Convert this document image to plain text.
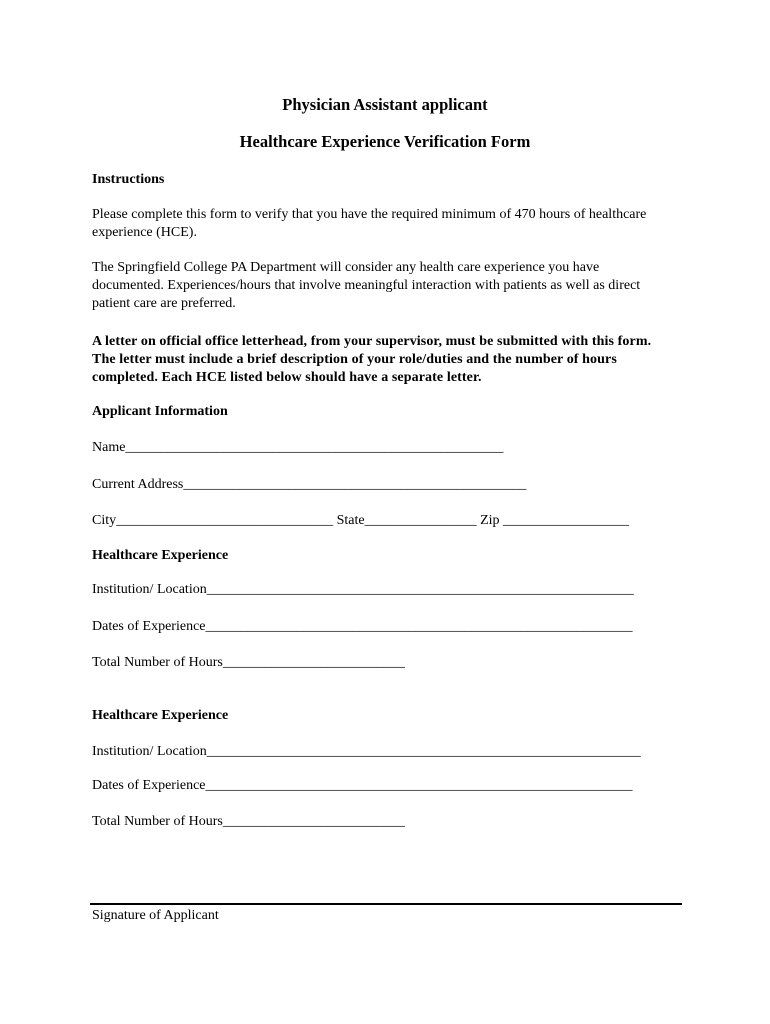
Physician Assistant applicant
Healthcare Experience Verification Form
Instructions
Please complete this form to verify that you have the required minimum of 470 hours of healthcare experience (HCE).
The Springfield College PA Department will consider any health care experience you have documented. Experiences/hours that involve meaningful interaction with patients as well as direct patient care are preferred.
A letter on official office letterhead, from your supervisor, must be submitted with this form. The letter must include a brief description of your role/duties and the number of hours completed. Each HCE listed below should have a separate letter.
Applicant Information
Name______________________________________________________
Current Address_________________________________________________
City_______________________________ State________________ Zip __________________
Healthcare Experience
Institution/ Location_____________________________________________________________
Dates of Experience_____________________________________________________________
Total Number of Hours__________________________
Healthcare Experience
Institution/ Location______________________________________________________________
Dates of Experience_____________________________________________________________
Total Number of Hours__________________________
Signature of Applicant
